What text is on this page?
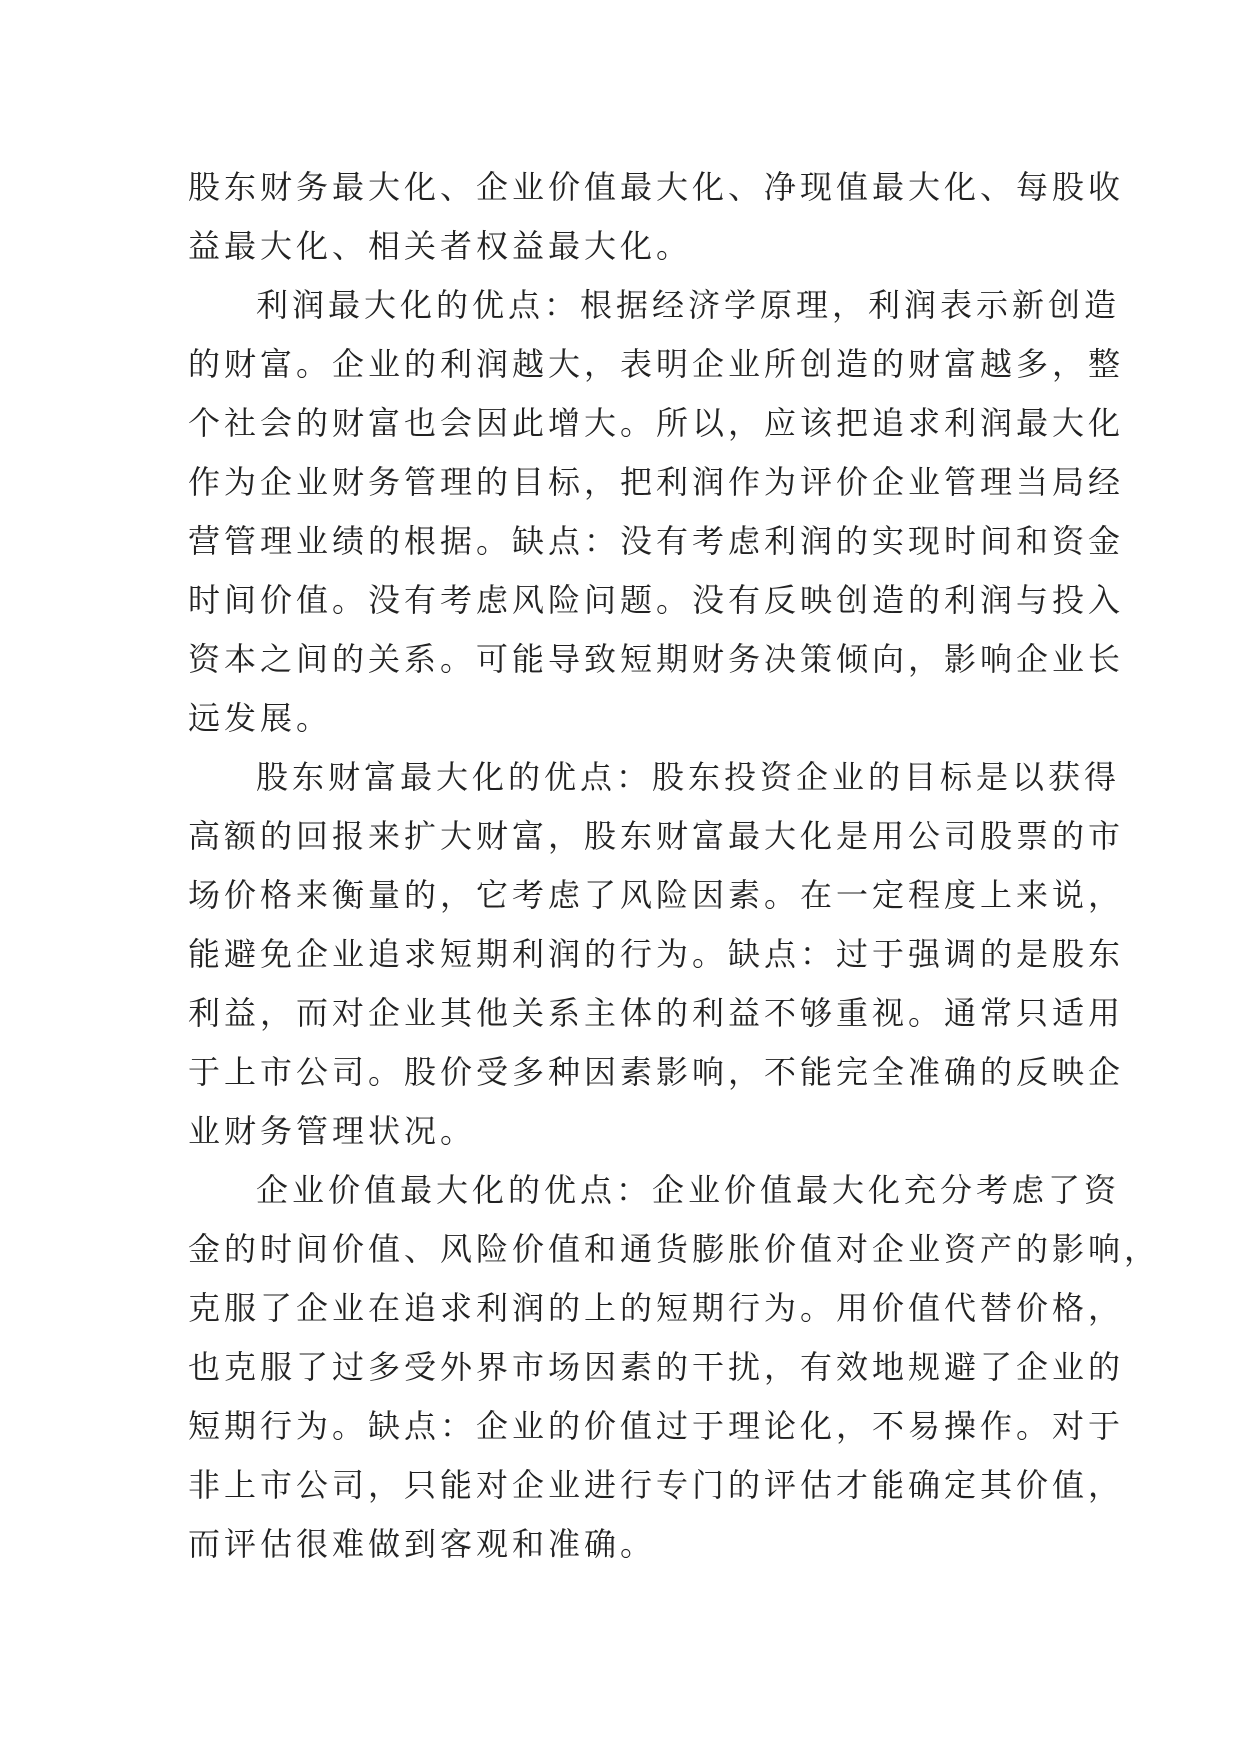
股东财务最大化、企业价值最大化、净现值最大化、每股收
益最大化、相关者权益最大化。
利润最大化的优点：根据经济学原理，利润表示新创造
的财富。企业的利润越大，表明企业所创造的财富越多，整
个社会的财富也会因此增大。所以，应该把追求利润最大化
作为企业财务管理的目标，把利润作为评价企业管理当局经
营管理业绩的根据。缺点：没有考虑利润的实现时间和资金
时间价值。没有考虑风险问题。没有反映创造的利润与投入
资本之间的关系。可能导致短期财务决策倾向，影响企业长
远发展。
股东财富最大化的优点：股东投资企业的目标是以获得
高额的回报来扩大财富，股东财富最大化是用公司股票的市
场价格来衡量的，它考虑了风险因素。在一定程度上来说，
能避免企业追求短期利润的行为。缺点：过于强调的是股东
利益，而对企业其他关系主体的利益不够重视。通常只适用
于上市公司。股价受多种因素影响，不能完全准确的反映企
业财务管理状况。
企业价值最大化的优点：企业价值最大化充分考虑了资
金的时间价值、风险价值和通货膨胀价值对企业资产的影响，
克服了企业在追求利润的上的短期行为。用价值代替价格，
也克服了过多受外界市场因素的干扰，有效地规避了企业的
短期行为。缺点：企业的价值过于理论化，不易操作。对于
非上市公司，只能对企业进行专门的评估才能确定其价值，
而评估很难做到客观和准确。
